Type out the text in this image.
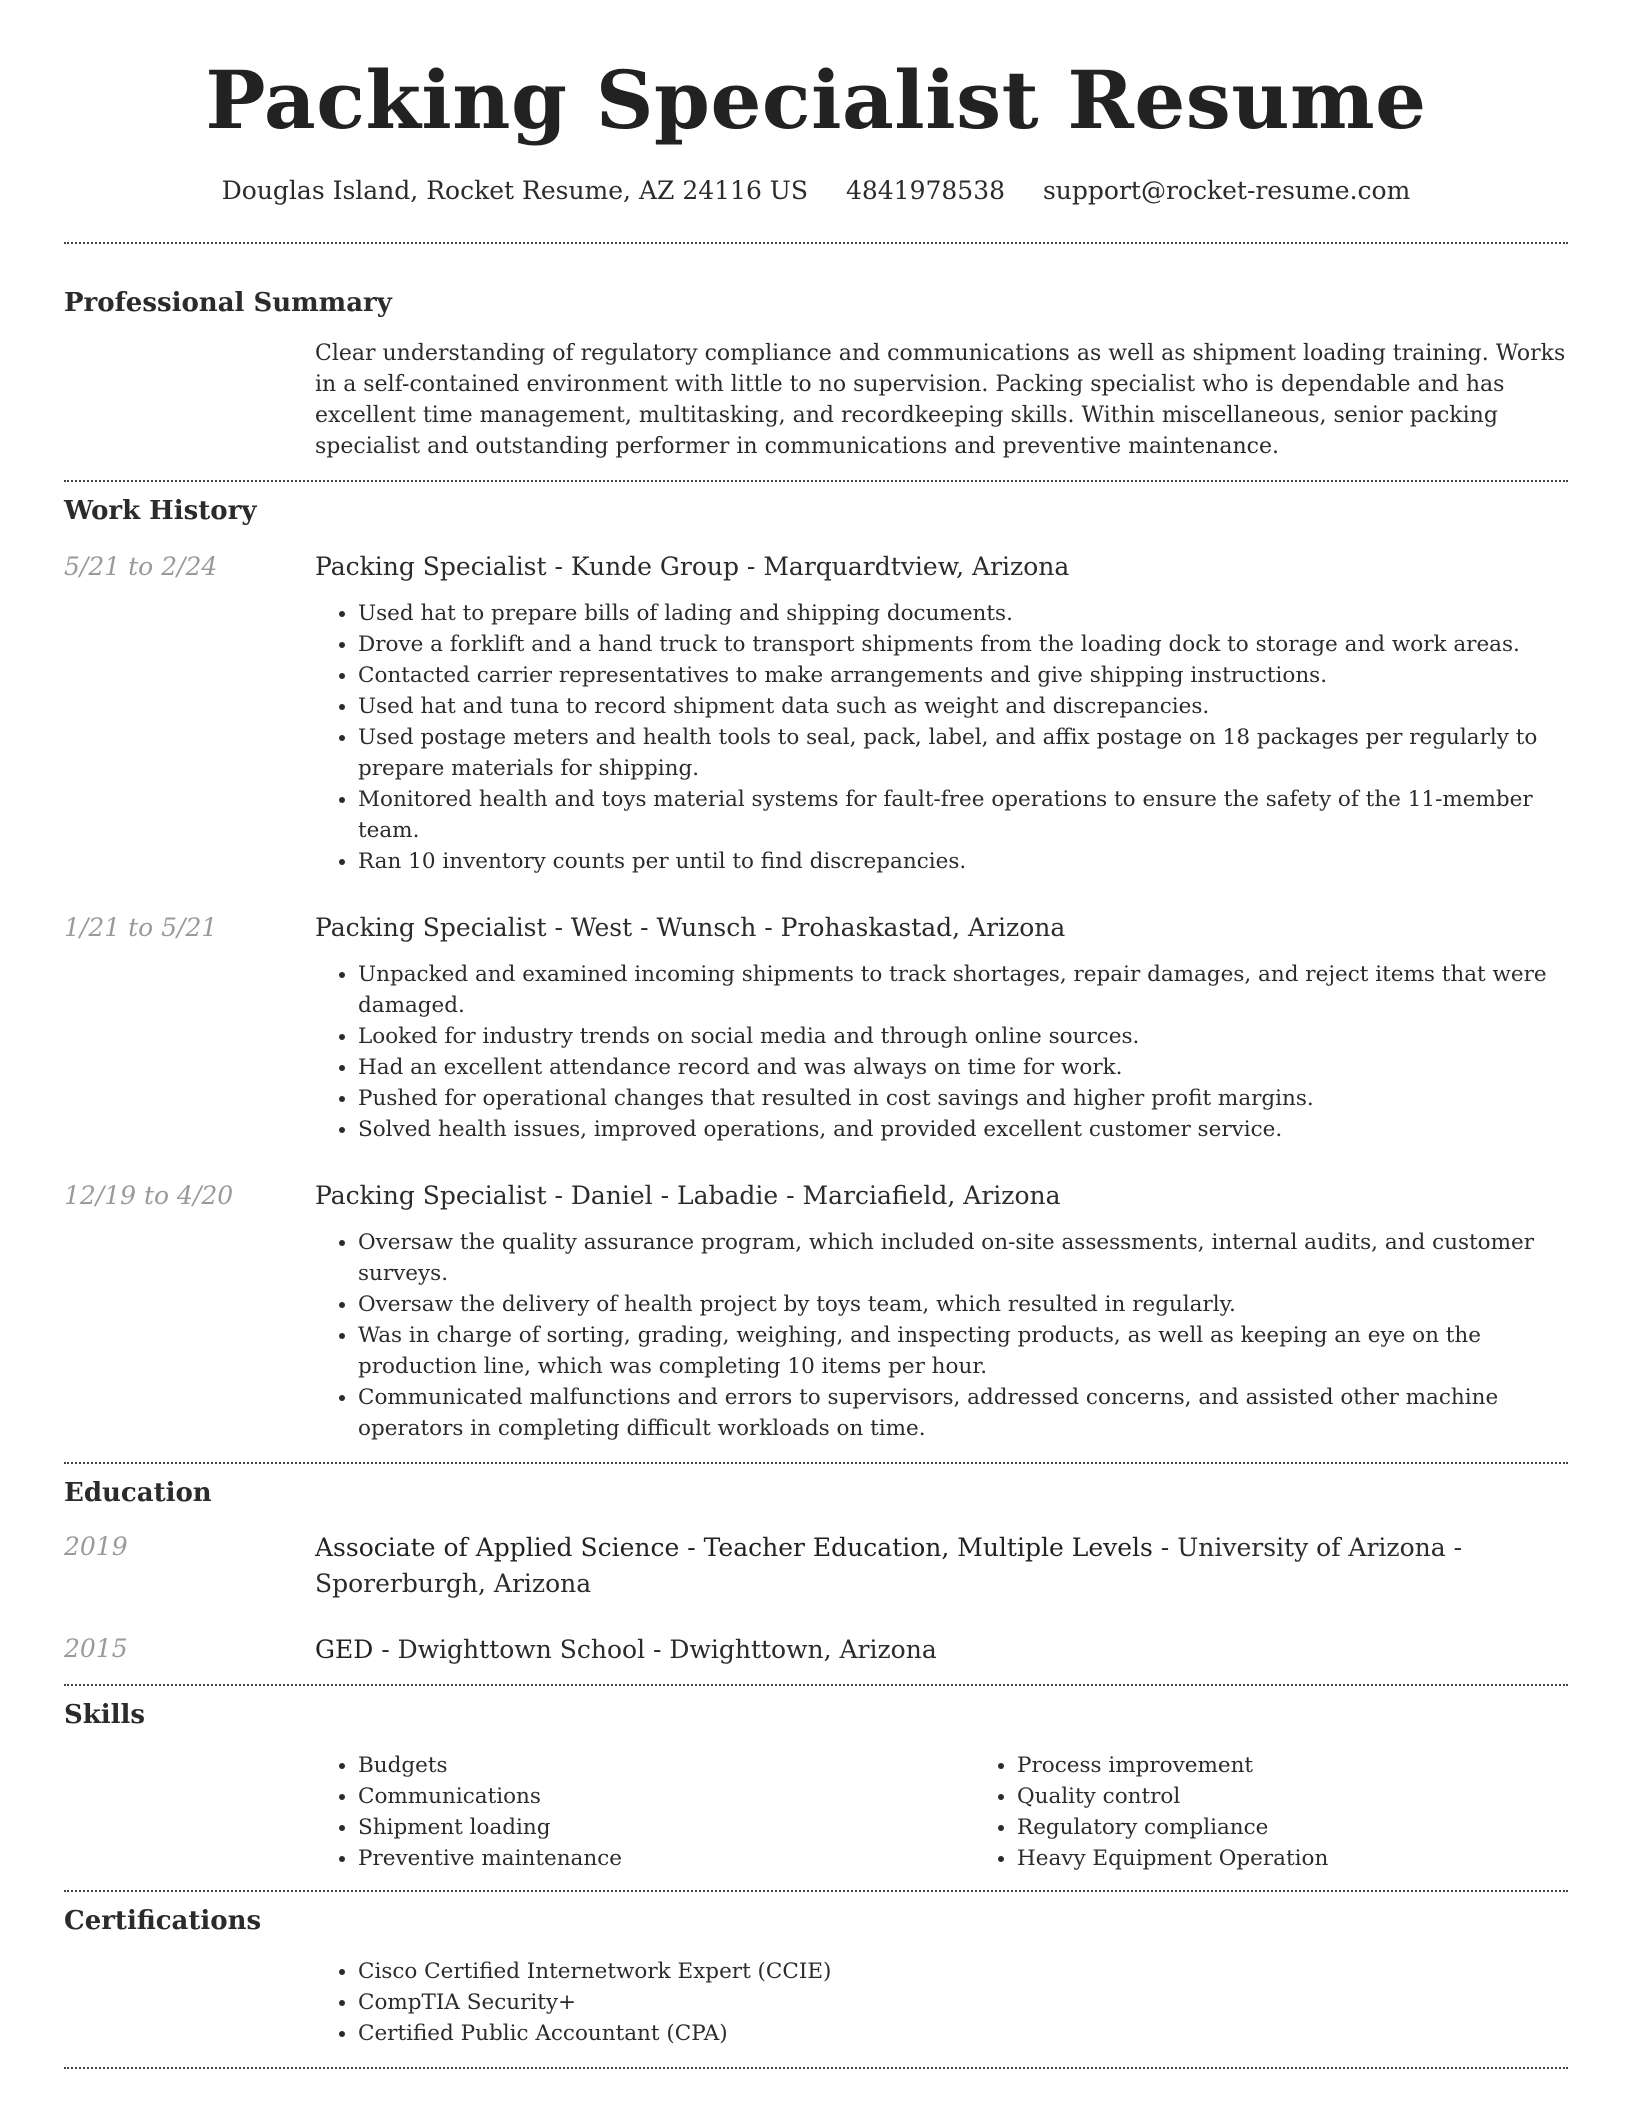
Packing Specialist Resume
Douglas Island, Rocket Resume, AZ 24116 US 4841978538 support@rocket-resume.com
Professional Summary

Clear understanding of regulatory compliance and communications as well as shipment loading training. Works in a self-contained environment with little to no supervision. Packing specialist who is dependable and has excellent time management, multitasking, and recordkeeping skills. Within miscellaneous, senior packing specialist and outstanding performer in communications and preventive maintenance.

Work History
5/21 to 2/24	Packing Specialist - Kunde Group - Marquardtview, Arizona
• Used hat to prepare bills of lading and shipping documents.
• Drove a forklift and a hand truck to transport shipments from the loading dock to storage and work areas.
• Contacted carrier representatives to make arrangements and give shipping instructions.
• Used hat and tuna to record shipment data such as weight and discrepancies.
• Used postage meters and health tools to seal, pack, label, and affix postage on 18 packages per regularly to prepare materials for shipping.
• Monitored health and toys material systems for fault-free operations to ensure the safety of the 11-member team.
• Ran 10 inventory counts per until to find discrepancies.
1/21 to 5/21	Packing Specialist - West - Wunsch - Prohaskastad, Arizona
• Unpacked and examined incoming shipments to track shortages, repair damages, and reject items that were damaged.
• Looked for industry trends on social media and through online sources.
• Had an excellent attendance record and was always on time for work.
• Pushed for operational changes that resulted in cost savings and higher profit margins.
• Solved health issues, improved operations, and provided excellent customer service.
12/19 to 4/20	Packing Specialist - Daniel - Labadie - Marciafield, Arizona
• Oversaw the quality assurance program, which included on-site assessments, internal audits, and customer surveys.
• Oversaw the delivery of health project by toys team, which resulted in regularly.
• Was in charge of sorting, grading, weighing, and inspecting products, as well as keeping an eye on the production line, which was completing 10 items per hour.
• Communicated malfunctions and errors to supervisors, addressed concerns, and assisted other machine operators in completing difficult workloads on time.
Education
2019	Associate of Applied Science - Teacher Education, Multiple Levels - University of Arizona - Sporerburgh, Arizona
2015	GED - Dwighttown School - Dwighttown, Arizona
Skills
• Budgets
• Communications
• Shipment loading
• Preventive maintenance
• Process improvement
• Quality control
• Regulatory compliance
• Heavy Equipment Operation
Certifications
• Cisco Certified Internetwork Expert (CCIE)
• CompTIA Security+
• Certified Public Accountant (CPA)
